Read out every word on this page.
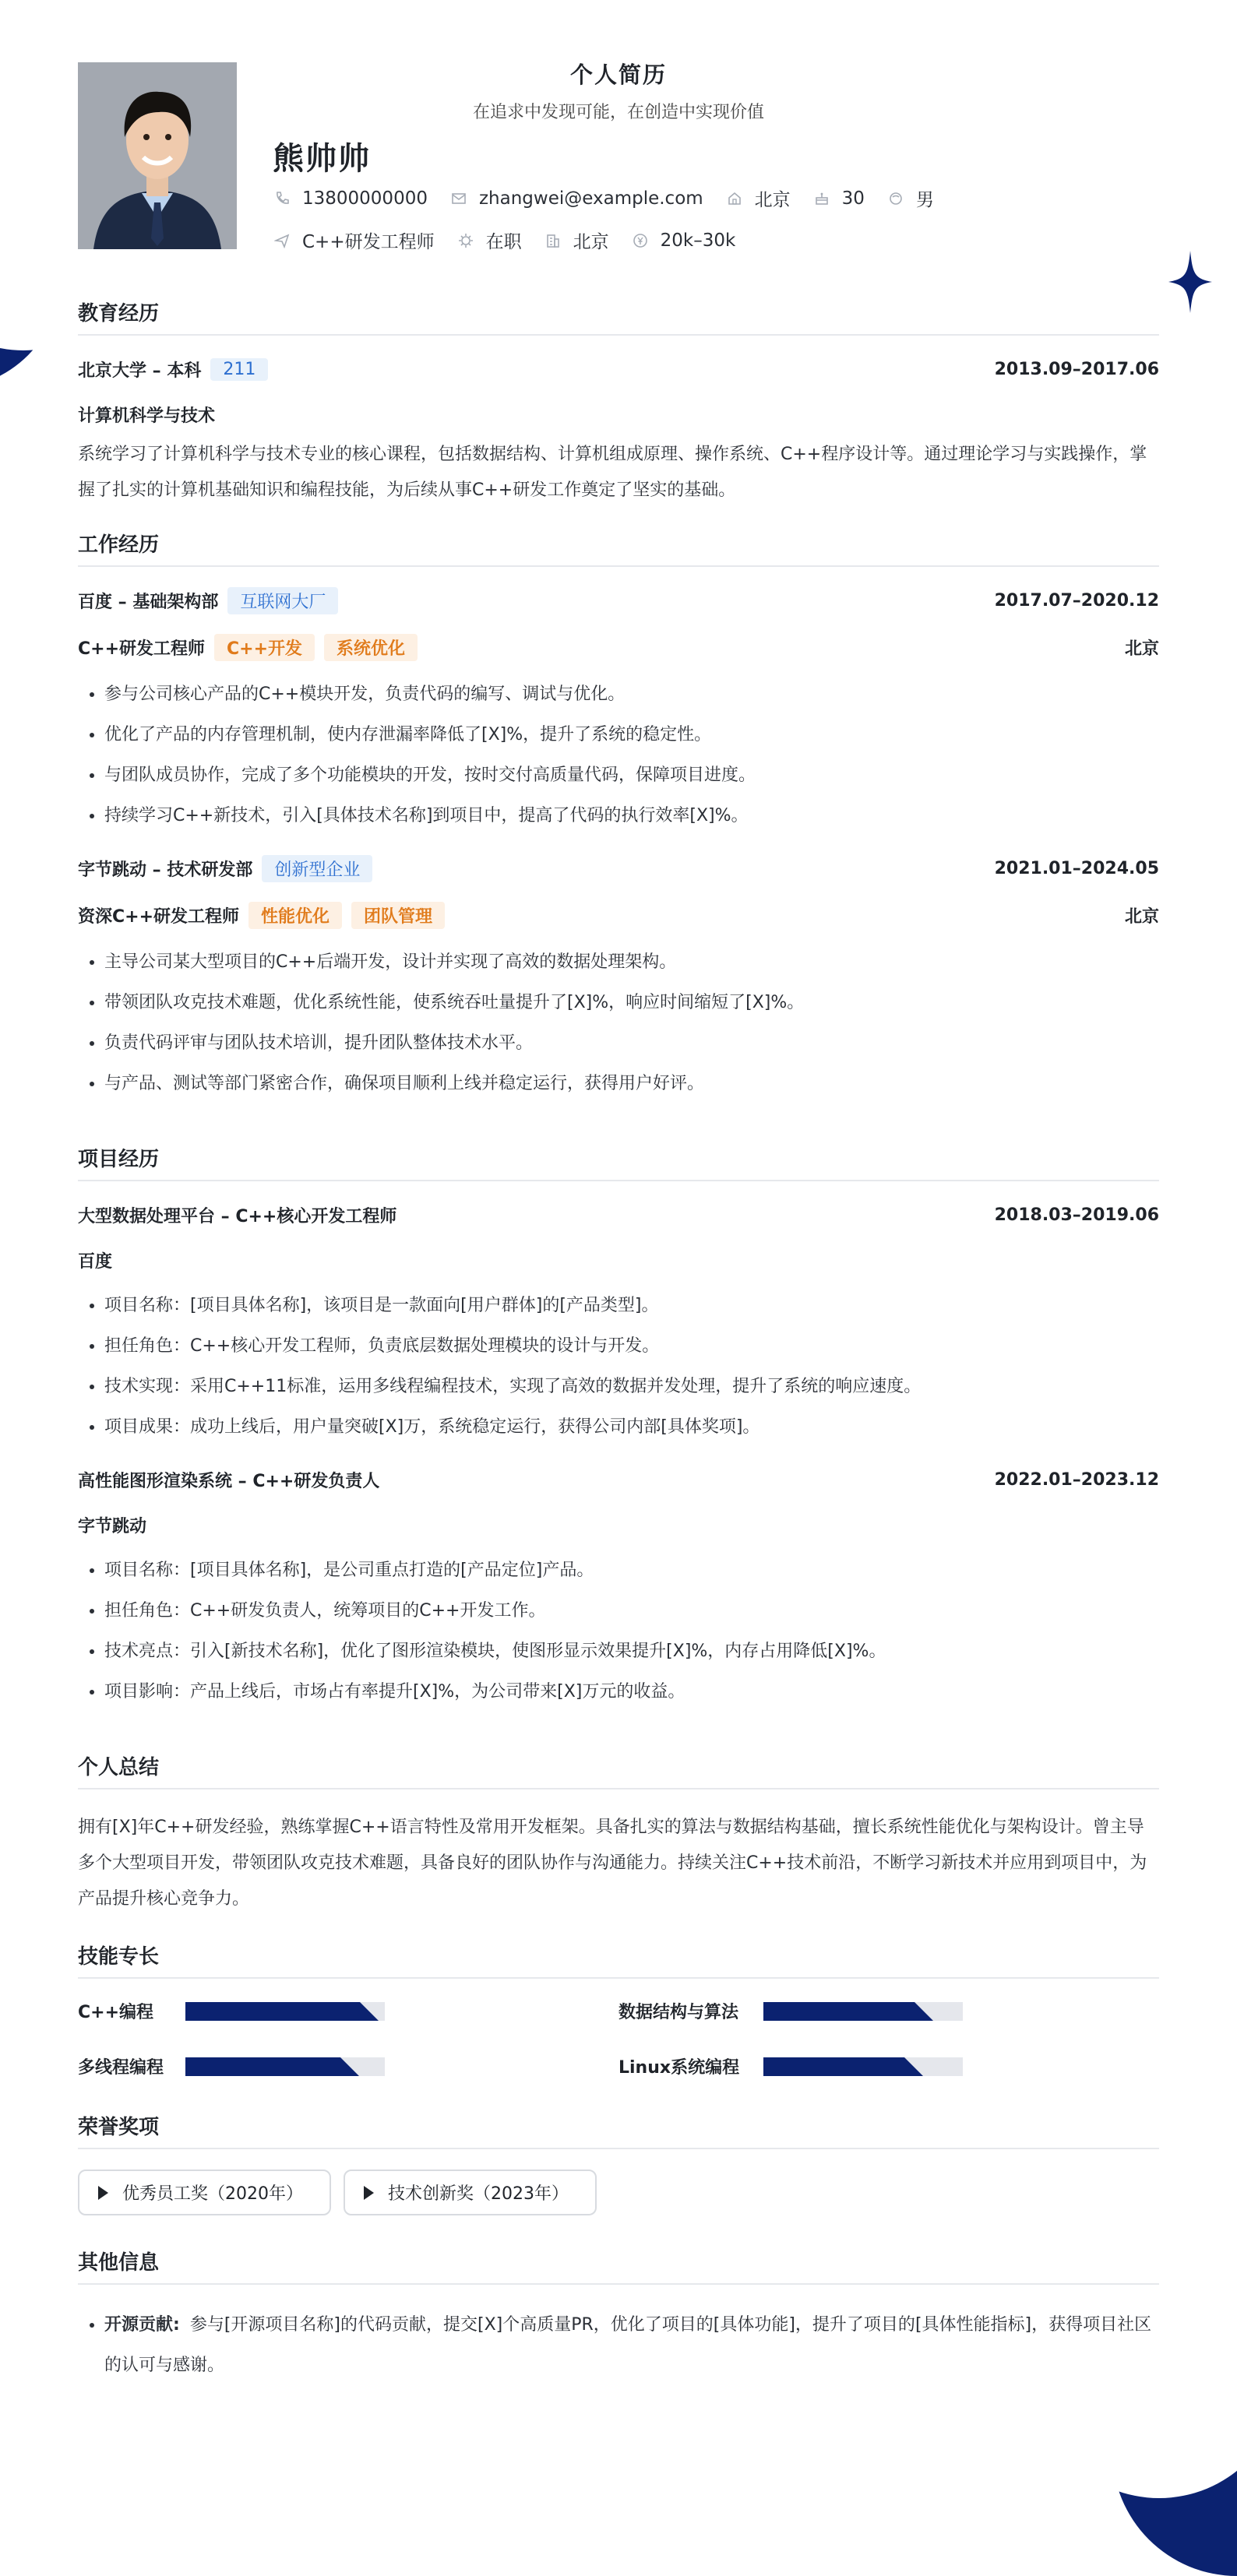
个人简历
在追求中发现可能，在创造中实现价值
熊帅帅
13800000000	zhangwei@example.com	北京	30	男
C++研发工程师	在职	北京	20k–30k
教育经历
北京大学 – 本科	211	2013.09–2017.06
计算机科学与技术
系统学习了计算机科学与技术专业的核心课程，包括数据结构、计算机组成原理、操作系统、C++程序设计等。通过理论学习与实践操作，掌握了扎实的计算机基础知识和编程技能，为后续从事C++研发工作奠定了坚实的基础。
工作经历
百度 – 基础架构部	互联网大厂	2017.07–2020.12
C++研发工程师	C++开发	系统优化	北京
• 参与公司核心产品的C++模块开发，负责代码的编写、调试与优化。
• 优化了产品的内存管理机制，使内存泄漏率降低了[X]%，提升了系统的稳定性。
• 与团队成员协作，完成了多个功能模块的开发，按时交付高质量代码，保障项目进度。
• 持续学习C++新技术，引入[具体技术名称]到项目中，提高了代码的执行效率[X]%。
字节跳动 – 技术研发部	创新型企业	2021.01–2024.05
资深C++研发工程师	性能优化	团队管理	北京
• 主导公司某大型项目的C++后端开发，设计并实现了高效的数据处理架构。
• 带领团队攻克技术难题，优化系统性能，使系统吞吐量提升了[X]%，响应时间缩短了[X]%。
• 负责代码评审与团队技术培训，提升团队整体技术水平。
• 与产品、测试等部门紧密合作，确保项目顺利上线并稳定运行，获得用户好评。
项目经历
大型数据处理平台 – C++核心开发工程师	2018.03–2019.06
百度
• 项目名称：[项目具体名称]，该项目是一款面向[用户群体]的[产品类型]。
• 担任角色：C++核心开发工程师，负责底层数据处理模块的设计与开发。
• 技术实现：采用C++11标准，运用多线程编程技术，实现了高效的数据并发处理，提升了系统的响应速度。
• 项目成果：成功上线后，用户量突破[X]万，系统稳定运行，获得公司内部[具体奖项]。
高性能图形渲染系统 – C++研发负责人	2022.01–2023.12
字节跳动
• 项目名称：[项目具体名称]，是公司重点打造的[产品定位]产品。
• 担任角色：C++研发负责人，统筹项目的C++开发工作。
• 技术亮点：引入[新技术名称]，优化了图形渲染模块，使图形显示效果提升[X]%，内存占用降低[X]%。
• 项目影响：产品上线后，市场占有率提升[X]%，为公司带来[X]万元的收益。
个人总结
拥有[X]年C++研发经验，熟练掌握C++语言特性及常用开发框架。具备扎实的算法与数据结构基础，擅长系统性能优化与架构设计。曾主导多个大型项目开发，带领团队攻克技术难题，具备良好的团队协作与沟通能力。持续关注C++技术前沿，不断学习新技术并应用到项目中，为产品提升核心竞争力。
技能专长
C++编程	数据结构与算法
多线程编程	Linux系统编程
荣誉奖项
优秀员工奖（2020年）	技术创新奖（2023年）
其他信息
• 开源贡献: 参与[开源项目名称]的代码贡献，提交[X]个高质量PR，优化了项目的[具体功能]，提升了项目的[具体性能指标]，获得项目社区的认可与感谢。
